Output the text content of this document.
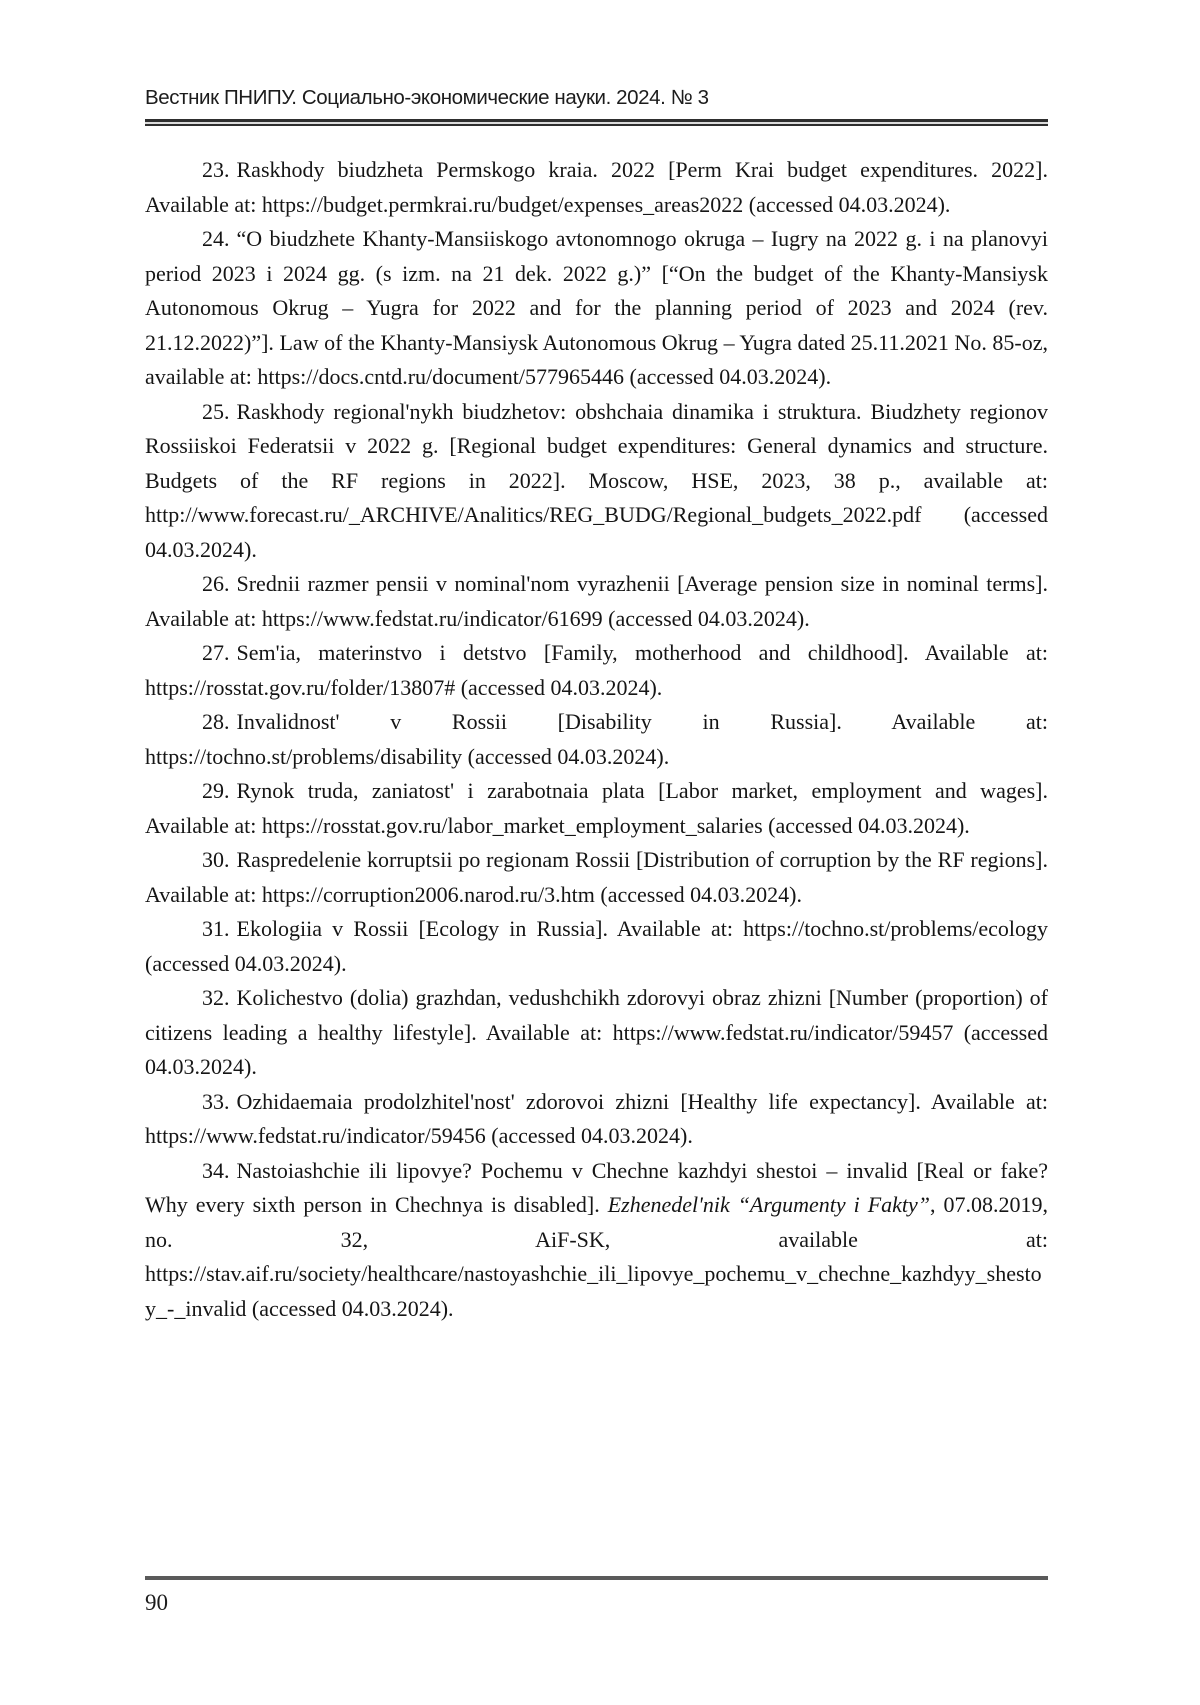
Вестник ПНИПУ. Социально-экономические науки. 2024. № 3

23. Raskhody biudzheta Permskogo kraia. 2022 [Perm Krai budget expenditures. 2022]. Available at: https://budget.permkrai.ru/budget/expenses_areas2022 (accessed 04.03.2024).

24. “O biudzhete Khanty-Mansiiskogo avtonomnogo okruga – Iugry na 2022 g. i na planovyi period 2023 i 2024 gg. (s izm. na 21 dek. 2022 g.)” [“On the budget of the Khanty-Mansiysk Autonomous Okrug – Yugra for 2022 and for the planning period of 2023 and 2024 (rev. 21.12.2022)”]. Law of the Khanty-Mansiysk Autonomous Okrug – Yugra dated 25.11.2021 No. 85-oz, available at: https://docs.cntd.ru/document/577965446 (accessed 04.03.2024).

25. Raskhody regional'nykh biudzhetov: obshchaia dinamika i struktura. Biudzhety regionov Rossiiskoi Federatsii v 2022 g. [Regional budget expenditures: General dynamics and structure. Budgets of the RF regions in 2022]. Moscow, HSE, 2023, 38 p., available at: http://www.forecast.ru/_ARCHIVE/Analitics/REG_BUDG/Regional_budgets_2022.pdf (accessed 04.03.2024).

26. Srednii razmer pensii v nominal'nom vyrazhenii [Average pension size in nominal terms]. Available at: https://www.fedstat.ru/indicator/61699 (accessed 04.03.2024).

27. Sem'ia, materinstvo i detstvo [Family, motherhood and childhood]. Available at: https://rosstat.gov.ru/folder/13807# (accessed 04.03.2024).

28. Invalidnost' v Rossii [Disability in Russia]. Available at: https://tochno.st/problems/disability (accessed 04.03.2024).

29. Rynok truda, zaniatost' i zarabotnaia plata [Labor market, employment and wages]. Available at: https://rosstat.gov.ru/labor_market_employment_salaries (accessed 04.03.2024).

30. Raspredelenie korruptsii po regionam Rossii [Distribution of corruption by the RF regions]. Available at: https://corruption2006.narod.ru/3.htm (accessed 04.03.2024).

31. Ekologiia v Rossii [Ecology in Russia]. Available at: https://tochno.st/problems/ecology (accessed 04.03.2024).

32. Kolichestvo (dolia) grazhdan, vedushchikh zdorovyi obraz zhizni [Number (proportion) of citizens leading a healthy lifestyle]. Available at: https://www.fedstat.ru/indicator/59457 (accessed 04.03.2024).

33. Ozhidaemaia prodolzhitel'nost' zdorovoi zhizni [Healthy life expectancy]. Available at: https://www.fedstat.ru/indicator/59456 (accessed 04.03.2024).

34. Nastoiashchie ili lipovye? Pochemu v Chechne kazhdyi shestoi – invalid [Real or fake? Why every sixth person in Chechnya is disabled]. Ezhenedel'nik “Argumenty i Fakty”, 07.08.2019, no. 32, AiF-SK, available at: https://stav.aif.ru/society/healthcare/nastoyashchie_ili_lipovye_pochemu_v_chechne_kazhdyy_shestoy_-_invalid (accessed 04.03.2024).

90
